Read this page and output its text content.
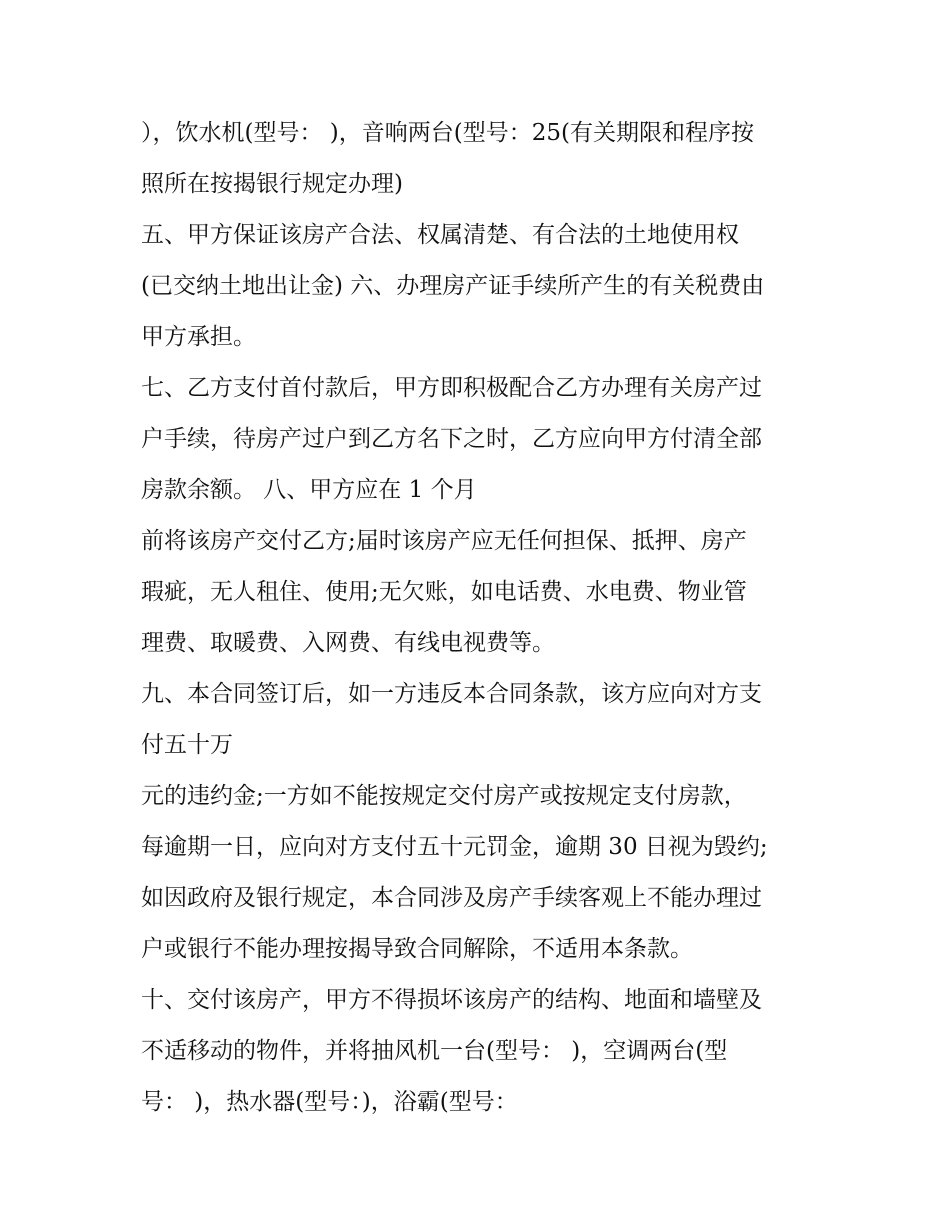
），饮水机(型号： )，音响两台(型号：25(有关期限和程序按
照所在按揭银行规定办理)
五、甲方保证该房产合法、权属清楚、有合法的土地使用权
(已交纳土地出让金) 六、办理房产证手续所产生的有关税费由
甲方承担。
七、乙方支付首付款后，甲方即积极配合乙方办理有关房产过
户手续，待房产过户到乙方名下之时，乙方应向甲方付清全部
房款余额。 八、甲方应在 1 个月
前将该房产交付乙方;届时该房产应无任何担保、抵押、房产
瑕疵，无人租住、使用;无欠账，如电话费、水电费、物业管
理费、取暖费、入网费、有线电视费等。
九、本合同签订后，如一方违反本合同条款，该方应向对方支
付五十万
元的违约金;一方如不能按规定交付房产或按规定支付房款，
每逾期一日，应向对方支付五十元罚金，逾期 30 日视为毁约;
如因政府及银行规定，本合同涉及房产手续客观上不能办理过
户或银行不能办理按揭导致合同解除，不适用本条款。
十、交付该房产，甲方不得损坏该房产的结构、地面和墙壁及
不适移动的物件，并将抽风机一台(型号： )，空调两台(型
号： )，热水器(型号：)，浴霸(型号：
